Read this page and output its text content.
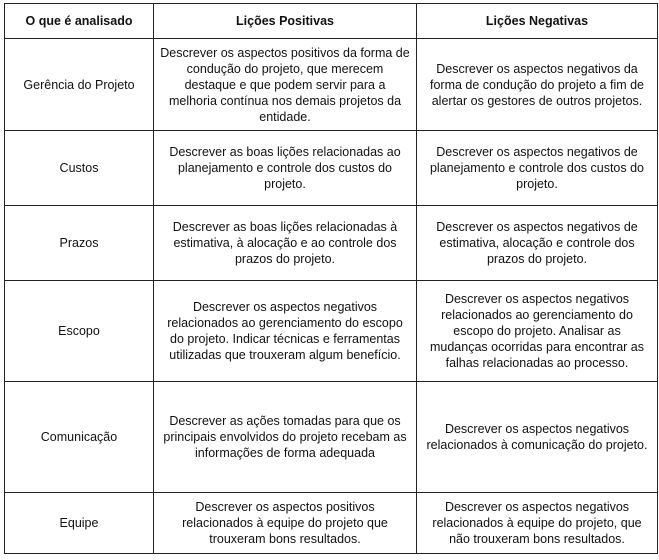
O que é analisado	Lições Positivas	Lições Negativas
Gerência do Projeto	Descrever os aspectos positivos da forma de condução do projeto, que merecem destaque e que podem servir para a melhoria contínua nos demais projetos da entidade.	Descrever os aspectos negativos da forma de condução do projeto a fim de alertar os gestores de outros projetos.
Custos	Descrever as boas lições relacionadas ao planejamento e controle dos custos do projeto.	Descrever os aspectos negativos de planejamento e controle dos custos do projeto.
Prazos	Descrever as boas lições relacionadas à estimativa, à alocação e ao controle dos prazos do projeto.	Descrever os aspectos negativos de estimativa, alocação e controle dos prazos do projeto.
Escopo	Descrever os aspectos negativos relacionados ao gerenciamento do escopo do projeto. Indicar técnicas e ferramentas utilizadas que trouxeram algum benefício.	Descrever os aspectos negativos relacionados ao gerenciamento do escopo do projeto. Analisar as mudanças ocorridas para encontrar as falhas relacionadas ao processo.
Comunicação	Descrever as ações tomadas para que os principais envolvidos do projeto recebam as informações de forma adequada	Descrever os aspectos negativos relacionados à comunicação do projeto.
Equipe	Descrever os aspectos positivos relacionados à equipe do projeto que trouxeram bons resultados.	Descrever os aspectos negativos relacionados à equipe do projeto, que não trouxeram bons resultados.
